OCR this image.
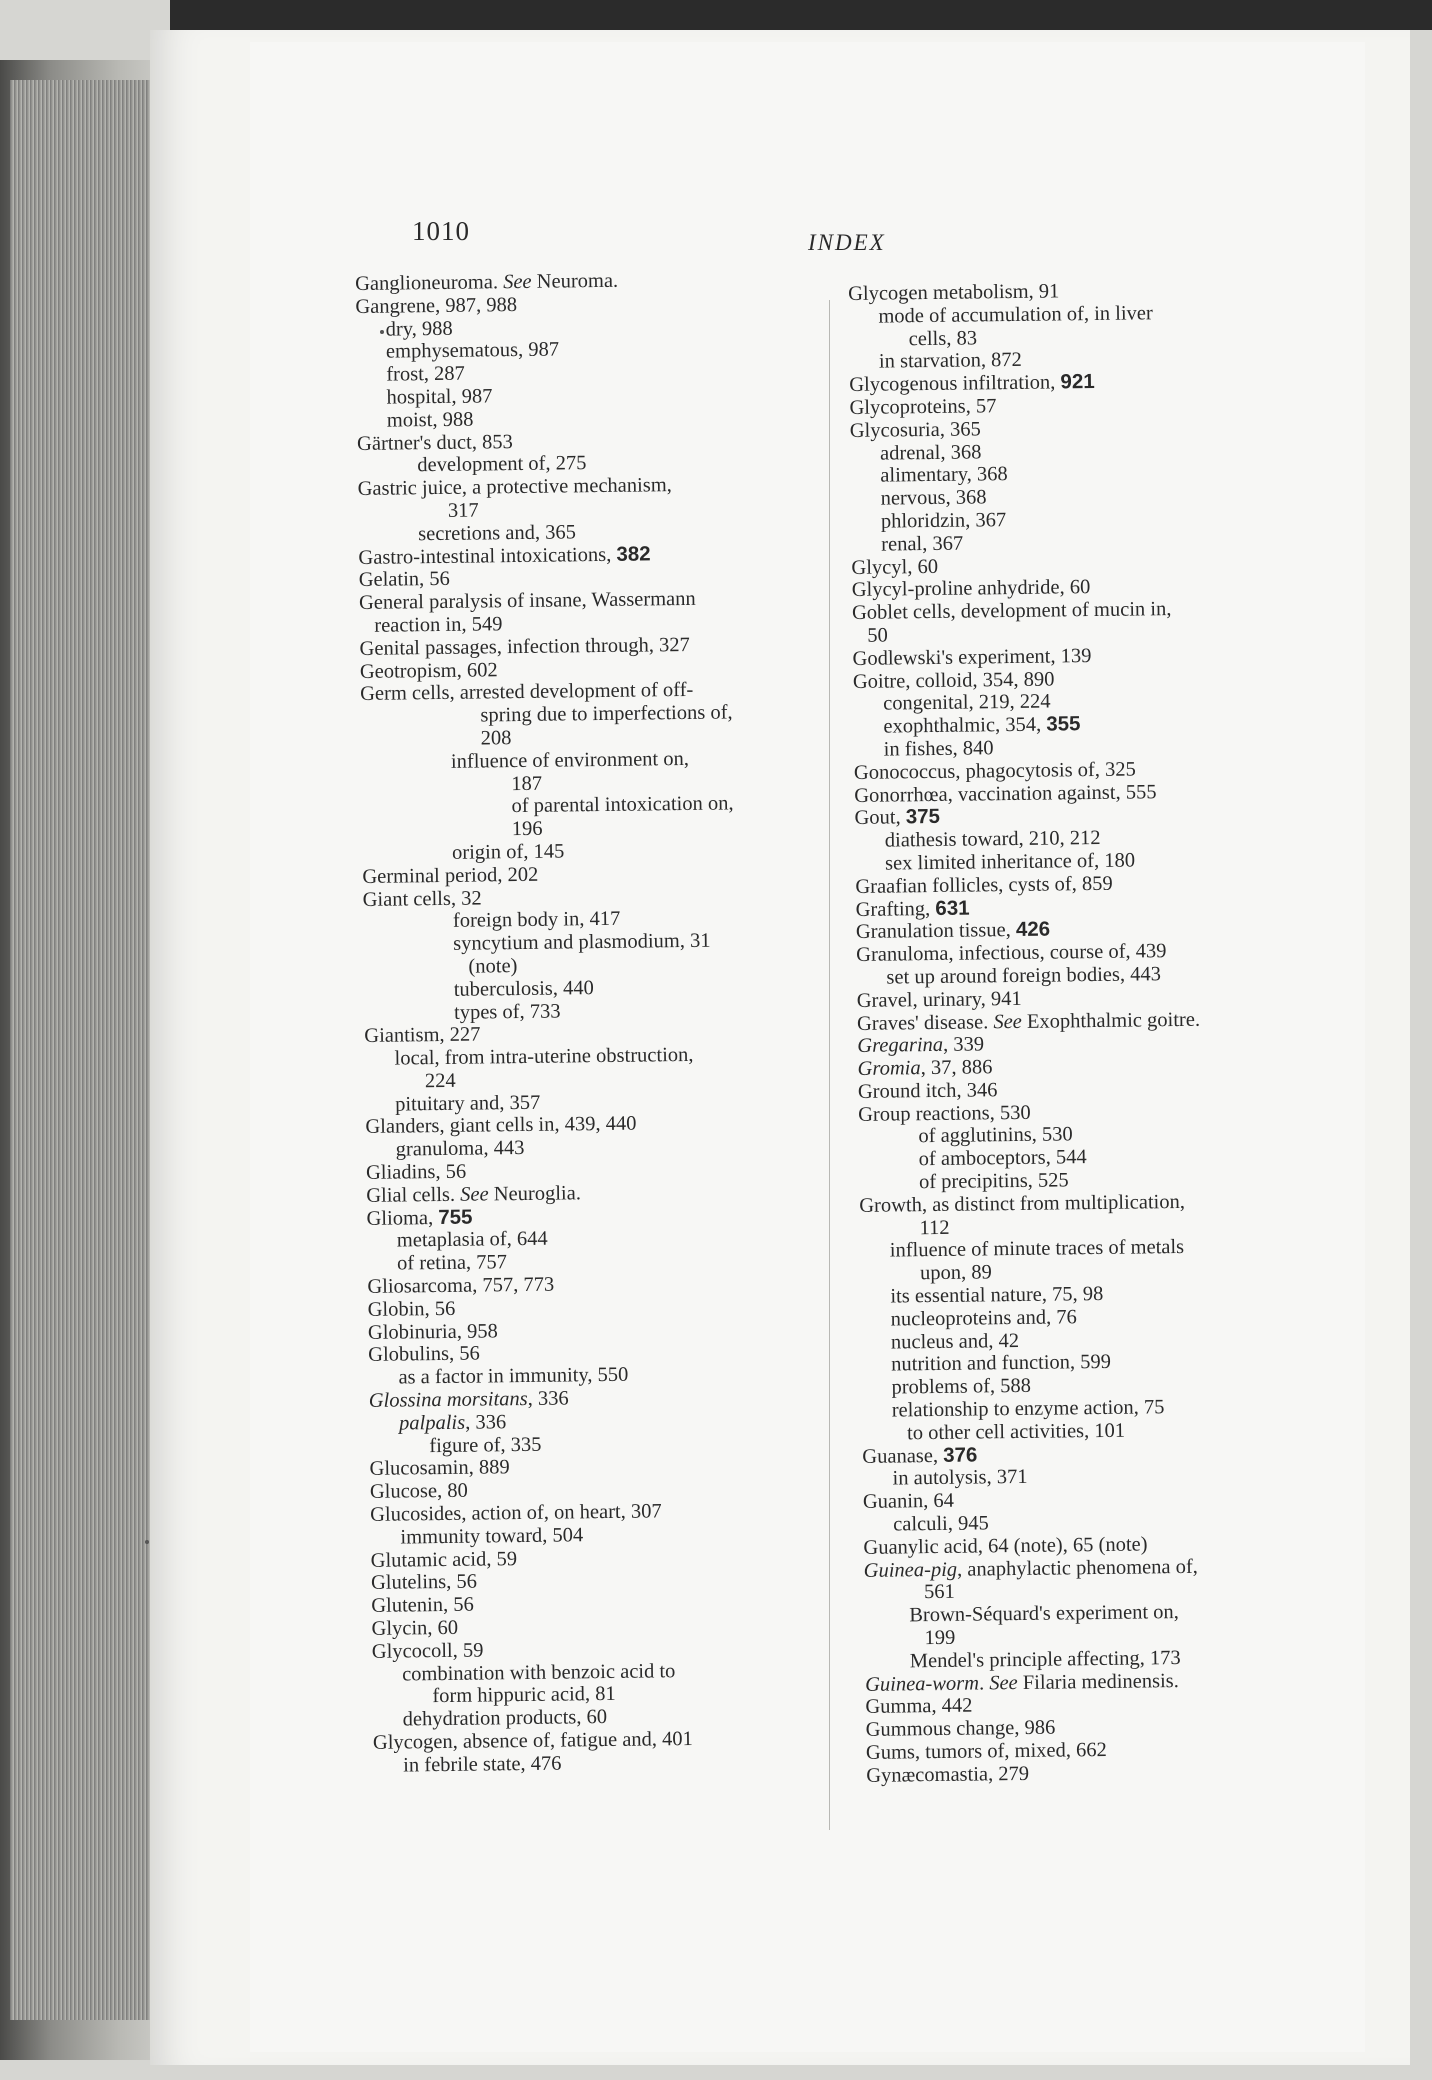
1010	INDEX
Ganglioneuroma. See Neuroma.
Gangrene, 987, 988
dry, 988
emphysematous, 987
frost, 287
hospital, 987
moist, 988
Gärtner's duct, 853
development of, 275
Gastric juice, a protective mechanism,
317
secretions and, 365
Gastro-intestinal intoxications, 382
Gelatin, 56
General paralysis of insane, Wassermann
reaction in, 549
Genital passages, infection through, 327
Geotropism, 602
Germ cells, arrested development of off-
spring due to imperfections of,
208
influence of environment on,
187
of parental intoxication on,
196
origin of, 145
Germinal period, 202
Giant cells, 32
foreign body in, 417
syncytium and plasmodium, 31
(note)
tuberculosis, 440
types of, 733
Giantism, 227
local, from intra-uterine obstruction,
224
pituitary and, 357
Glanders, giant cells in, 439, 440
granuloma, 443
Gliadins, 56
Glial cells. See Neuroglia.
Glioma, 755
metaplasia of, 644
of retina, 757
Gliosarcoma, 757, 773
Globin, 56
Globinuria, 958
Globulins, 56
as a factor in immunity, 550
Glossina morsitans, 336
palpalis, 336
figure of, 335
Glucosamin, 889
Glucose, 80
Glucosides, action of, on heart, 307
immunity toward, 504
Glutamic acid, 59
Glutelins, 56
Glutenin, 56
Glycin, 60
Glycocoll, 59
combination with benzoic acid to
form hippuric acid, 81
dehydration products, 60
Glycogen, absence of, fatigue and, 401
in febrile state, 476
Glycogen metabolism, 91
mode of accumulation of, in liver
cells, 83
in starvation, 872
Glycogenous infiltration, 921
Glycoproteins, 57
Glycosuria, 365
adrenal, 368
alimentary, 368
nervous, 368
phloridzin, 367
renal, 367
Glycyl, 60
Glycyl-proline anhydride, 60
Goblet cells, development of mucin in,
50
Godlewski's experiment, 139
Goitre, colloid, 354, 890
congenital, 219, 224
exophthalmic, 354, 355
in fishes, 840
Gonococcus, phagocytosis of, 325
Gonorrhœa, vaccination against, 555
Gout, 375
diathesis toward, 210, 212
sex limited inheritance of, 180
Graafian follicles, cysts of, 859
Grafting, 631
Granulation tissue, 426
Granuloma, infectious, course of, 439
set up around foreign bodies, 443
Gravel, urinary, 941
Graves' disease. See Exophthalmic goitre.
Gregarina, 339
Gromia, 37, 886
Ground itch, 346
Group reactions, 530
of agglutinins, 530
of amboceptors, 544
of precipitins, 525
Growth, as distinct from multiplication,
112
influence of minute traces of metals
upon, 89
its essential nature, 75, 98
nucleoproteins and, 76
nucleus and, 42
nutrition and function, 599
problems of, 588
relationship to enzyme action, 75
to other cell activities, 101
Guanase, 376
in autolysis, 371
Guanin, 64
calculi, 945
Guanylic acid, 64 (note), 65 (note)
Guinea-pig, anaphylactic phenomena of,
561
Brown-Séquard's experiment on,
199
Mendel's principle affecting, 173
Guinea-worm. See Filaria medinensis.
Gumma, 442
Gummous change, 986
Gums, tumors of, mixed, 662
Gynæcomastia, 279
